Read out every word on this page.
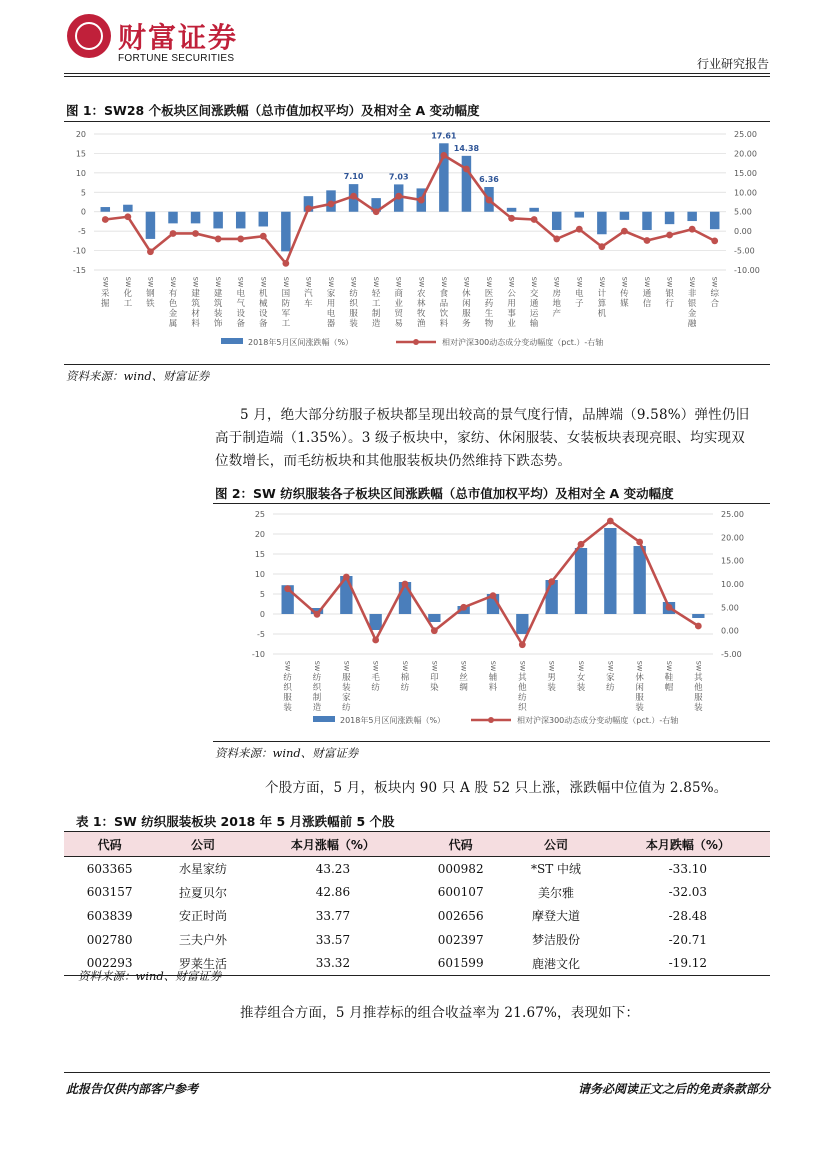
财富证券
FORTUNE SECURITIES	行业研究报告
图 1：SW28 个板块区间涨跌幅（总市值加权平均）及相对全 A 变动幅度
20
15
10
5
0
-5
-10
-15
25.00
20.00
15.00
10.00
5.00
0.00
-5.00
-10.00
7.10	7.03
17.61
14.38
6.36
SW
采
掘
SW
化
工
SW
钢
铁
SW
有
色
金
属
SW
建
筑
材
料
SW
建
筑
装
饰
SW
电
气
设
备
SW
机
械
设
备
SW
国
防
军
工
SW
汽
车
SW
家
用
电
器
SW
纺
织
服
装
SW
轻
工
制
造
SW
商
业
贸
易
SW
农
林
牧
渔
SW
食
品
饮
料
SW
休
闲
服
务
SW
医
药
生
物
SW
公
用
事
业
SW
交
通
运
输
SW
房
地
产
SW
电
子
SW
计
算
机
SW
传
媒
SW
通
信
SW
银
行
SW
非
银
金
融
SW
综
合
2018年5月区间涨跌幅（%）	相对沪深300动态成分变动幅度（pct.）-右轴
资料来源：wind、财富证券
5 月，绝大部分纺服子板块都呈现出较高的景气度行情，品牌端（9.58%）弹性仍旧
高于制造端（1.35%）。3 级子板块中，家纺、休闲服装、女装板块表现亮眼、均实现双
位数增长，而毛纺板块和其他服装板块仍然维持下跌态势。
图 2：SW 纺织服装各子板块区间涨跌幅（总市值加权平均）及相对全 A 变动幅度
25
20
15
10
5
0
-5
-10
25.00
20.00
15.00
10.00
5.00
0.00
-5.00
SW
纺
织
服
装
SW
纺
织
制
造
SW
服
装
家
纺
SW
毛
纺
SW
棉
纺
SW
印
染
SW
丝
绸
SW
辅
料
SW
其
他
纺
织
SW
男
装
SW
女
装
SW
家
纺
SW
休
闲
服
装
SW
鞋
帽
SW
其
他
服
装
2018年5月区间涨跌幅（%）	相对沪深300动态成分变动幅度（pct.）-右轴
资料来源：wind、财富证券
个股方面，5 月，板块内 90 只 A 股 52 只上涨，涨跌幅中位值为 2.85%。
表 1：SW 纺织服装板块 2018 年 5 月涨跌幅前 5 个股
代码	公司	本月涨幅（%）	代码	公司	本月跌幅（%）
603365	水星家纺	43.23	000982	*ST 中绒	-33.10
603157	拉夏贝尔	42.86	600107	美尔雅	-32.03
603839	安正时尚	33.77	002656	摩登大道	-28.48
002780	三夫户外	33.57	002397	梦洁股份	-20.71
002293	罗莱生活	33.32	601599	鹿港文化	-19.12
资料来源：wind、财富证券
推荐组合方面，5 月推荐标的组合收益率为 21.67%，表现如下：
此报告仅供内部客户参考	请务必阅读正文之后的免责条款部分
